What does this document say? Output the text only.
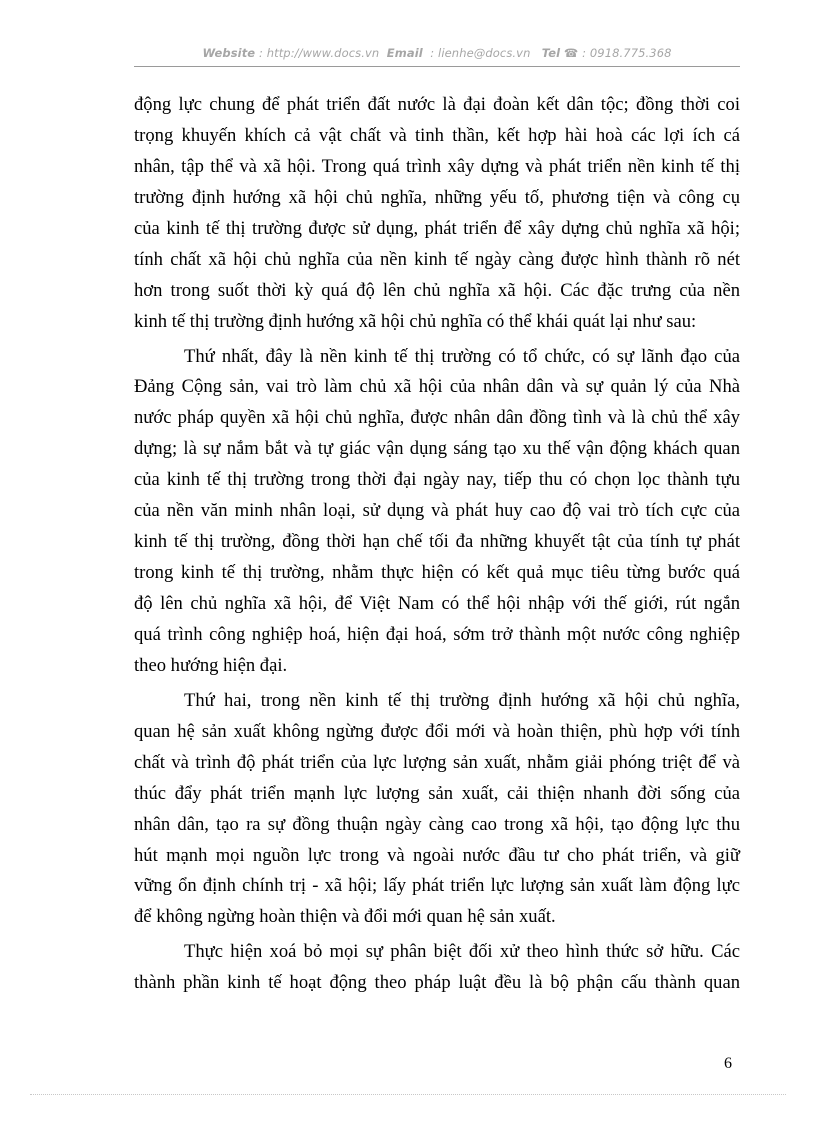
Website : http://www.docs.vn Email  : lienhe@docs.vn Tel ☎ : 0918.775.368
động lực chung để phát triển đất nước là đại đoàn kết dân tộc; đồng thời coi
trọng khuyến khích cả vật chất và tinh thần, kết hợp hài hoà các lợi ích cá
nhân, tập thể và xã hội. Trong quá trình xây dựng và phát triển nền kinh tế thị
trường định hướng xã hội chủ nghĩa, những yếu tố, phương tiện và công cụ
của kinh tế thị trường được sử dụng, phát triển để xây dựng chủ nghĩa xã hội;
tính chất xã hội chủ nghĩa của nền kinh tế ngày càng được hình thành rõ nét
hơn trong suốt thời kỳ quá độ lên chủ nghĩa xã hội. Các đặc trưng của nền
kinh tế thị trường định hướng xã hội chủ nghĩa có thể khái quát lại như sau:
Thứ nhất, đây là nền kinh tế thị trường có tổ chức, có sự lãnh đạo của
Đảng Cộng sản, vai trò làm chủ xã hội của nhân dân và sự quản lý của Nhà
nước pháp quyền xã hội chủ nghĩa, được nhân dân đồng tình và là chủ thể xây
dựng; là sự nắm bắt và tự giác vận dụng sáng tạo xu thế vận động khách quan
của kinh tế thị trường trong thời đại ngày nay, tiếp thu có chọn lọc thành tựu
của nền văn minh nhân loại, sử dụng và phát huy cao độ vai trò tích cực của
kinh tế thị trường, đồng thời hạn chế tối đa những khuyết tật của tính tự phát
trong kinh tế thị trường, nhằm thực hiện có kết quả mục tiêu từng bước quá
độ lên chủ nghĩa xã hội, để Việt Nam có thể hội nhập với thế giới, rút ngắn
quá trình công nghiệp hoá, hiện đại hoá, sớm trở thành một nước công nghiệp
theo hướng hiện đại.
Thứ hai, trong nền kinh tế thị trường định hướng xã hội chủ nghĩa,
quan hệ sản xuất không ngừng được đổi mới và hoàn thiện, phù hợp với tính
chất và trình độ phát triển của lực lượng sản xuất, nhằm giải phóng triệt để và
thúc đẩy phát triển mạnh lực lượng sản xuất, cải thiện nhanh đời sống của
nhân dân, tạo ra sự đồng thuận ngày càng cao trong xã hội, tạo động lực thu
hút mạnh mọi nguồn lực trong và ngoài nước đầu tư cho phát triển, và giữ
vững ổn định chính trị - xã hội; lấy phát triển lực lượng sản xuất làm động lực
để không ngừng hoàn thiện và đổi mới quan hệ sản xuất.
Thực hiện xoá bỏ mọi sự phân biệt đối xử theo hình thức sở hữu. Các
thành phần kinh tế hoạt động theo pháp luật đều là bộ phận cấu thành quan
6
